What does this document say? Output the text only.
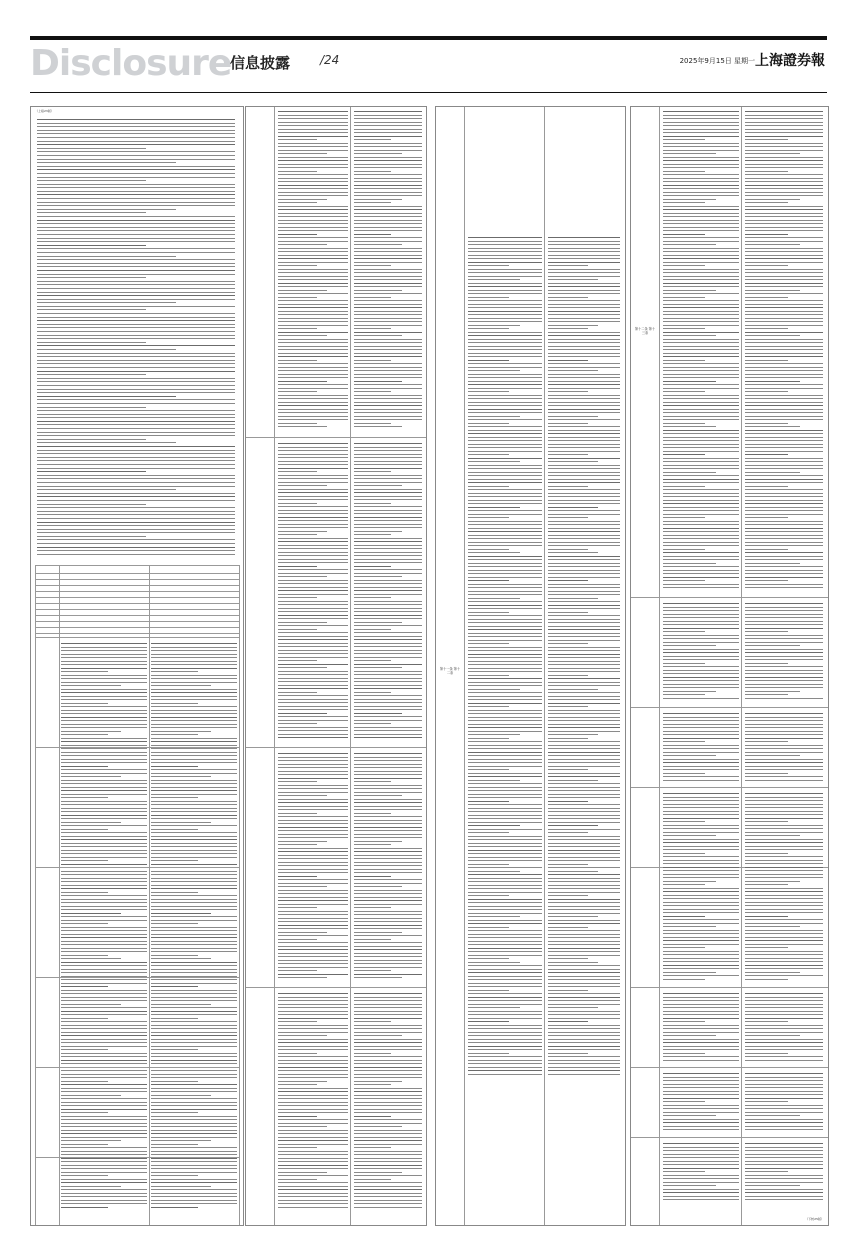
Disclosure
信息披露 /24	2025年9月15日 星期一 上海證券報
（上接23版）
第十一条 第十二条
（下转25版）
第十二条 第十三条
